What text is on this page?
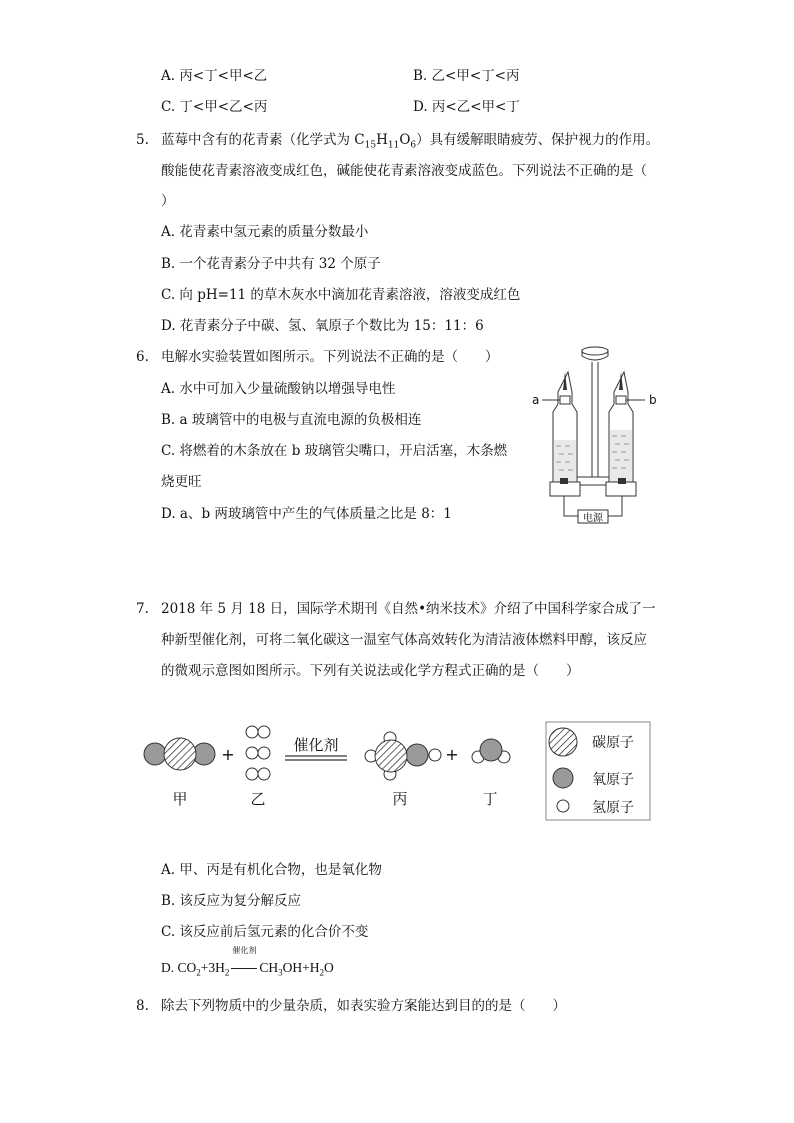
A. 丙<丁<甲<乙	B. 乙<甲<丁<丙
C. 丁<甲<乙<丙	D. 丙<乙<甲<丁
5. 蓝莓中含有的花青素（化学式为 $C_{15}H_{11}O_6$）具有缓解眼睛疲劳、保护视力的作用。
酸能使花青素溶液变成红色，碱能使花青素溶液变成蓝色。下列说法不正确的是（
）
A. 花青素中氢元素的质量分数最小
B. 一个花青素分子中共有 32 个原子
C. 向 pH=11 的草木灰水中滴加花青素溶液，溶液变成红色
D. 花青素分子中碳、氢、氧原子个数比为 15：11：6
6. 电解水实验装置如图所示。下列说法不正确的是（　　）
A. 水中可加入少量硫酸钠以增强导电性
B. a 玻璃管中的电极与直流电源的负极相连
C. 将燃着的木条放在 b 玻璃管尖嘴口，开启活塞，木条燃
烧更旺
D. a、b 两玻璃管中产生的气体质量之比是 8：1	电源
a	b
7. 2018 年 5 月 18 日，国际学术期刊《自然•纳米技术》介绍了中国科学家合成了一
种新型催化剂，可将二氧化碳这一温室气体高效转化为清洁液体燃料甲醇，该反应
的微观示意图如图所示。下列有关说法或化学方程式正确的是（　　）
甲
+
乙
催化剂
丙
+
丁
碳原子
氧原子
氢原子
A. 甲、丙是有机化合物，也是氧化物
B. 该反应为复分解反应
C. 该反应前后氢元素的化合价不变
D. $CO_2+3H_2$
催化剂
$CH_3OH+H_2O$
8. 除去下列物质中的少量杂质，如表实验方案能达到目的的是（　　）
